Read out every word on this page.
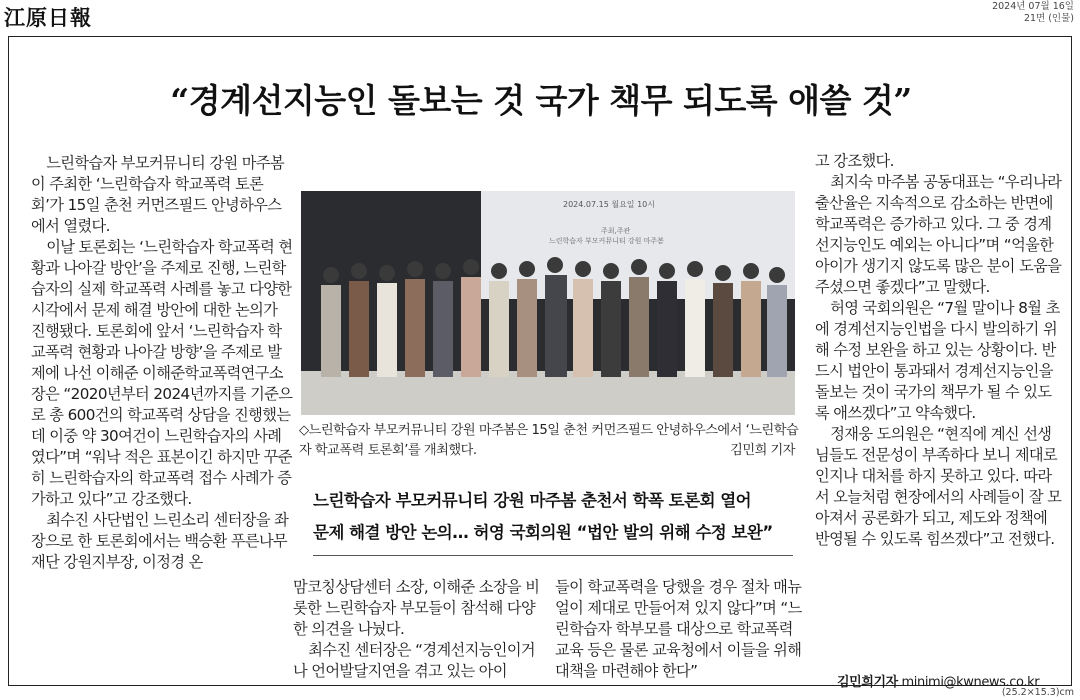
江原日報	2024년 07월 16일
21면 (인물)
“경계선지능인 돌보는 것 국가 책무 되도록 애쓸 것”

느린학습자 부모커뮤니티 강원 마주봄이 주최한 ‘느린학습자 학교폭력 토론회’가 15일 춘천 커먼즈필드 안녕하우스에서 열렸다.

이날 토론회는 ‘느린학습자 학교폭력 현황과 나아갈 방안’을 주제로 진행, 느린학습자의 실제 학교폭력 사례를 놓고 다양한 시각에서 문제 해결 방안에 대한 논의가 진행됐다. 토론회에 앞서 ‘느린학습자 학교폭력 현황과 나아갈 방향’을 주제로 발제에 나선 이해준 이해준학교폭력연구소장은 “2020년부터 2024년까지를 기준으로 총 600건의 학교폭력 상담을 진행했는데 이중 약 30여건이 느린학습자의 사례였다”며 “워낙 적은 표본이긴 하지만 꾸준히 느린학습자의 학교폭력 접수 사례가 증가하고 있다”고 강조했다.

최수진 사단법인 느린소리 센터장을 좌장으로 한 토론회에서는 백승환 푸른나무재단 강원지부장, 이정경 온

2024.07.15 월요일 10시
주최,주관
느린학습자 부모커뮤니티 강원 마주봄
◇느린학습자 부모커뮤니티 강원 마주봄은 15일 춘천 커먼즈필드 안녕하우스에서 ‘느린학습자 학교폭력 토론회’를 개최했다.	김민희 기자
느린학습자 부모커뮤니티 강원 마주봄 춘천서 학폭 토론회 열어
문제 해결 방안 논의… 허영 국회의원 “법안 발의 위해 수정 보완”

맘코칭상담센터 소장, 이해준 소장을 비롯한 느린학습자 부모들이 참석해 다양한 의견을 나눴다.

최수진 센터장은 “경계선지능인이거나 언어발달지연을 겪고 있는 아이

들이 학교폭력을 당했을 경우 절차 매뉴얼이 제대로 만들어져 있지 않다”며 “느린학습자 학부모를 대상으로 학교폭력 교육 등은 물론 교육청에서 이들을 위해 대책을 마련해야 한다”

고 강조했다.

최지숙 마주봄 공동대표는 “우리나라 출산율은 지속적으로 감소하는 반면에 학교폭력은 증가하고 있다. 그 중 경계선지능인도 예외는 아니다”며 “억울한 아이가 생기지 않도록 많은 분이 도움을 주셨으면 좋겠다”고 말했다.

허영 국회의원은 “7월 말이나 8월 초에 경계선지능인법을 다시 발의하기 위해 수정 보완을 하고 있는 상황이다. 반드시 법안이 통과돼서 경계선지능인을 돌보는 것이 국가의 책무가 될 수 있도록 애쓰겠다”고 약속했다.

정재웅 도의원은 “현직에 계신 선생님들도 전문성이 부족하다 보니 제대로 인지나 대처를 하지 못하고 있다. 따라서 오늘처럼 현장에서의 사례들이 잘 모아져서 공론화가 되고, 제도와 정책에 반영될 수 있도록 힘쓰겠다”고 전했다.

김민희기자 minimi@kwnews.co.kr
(25.2×15.3)cm
